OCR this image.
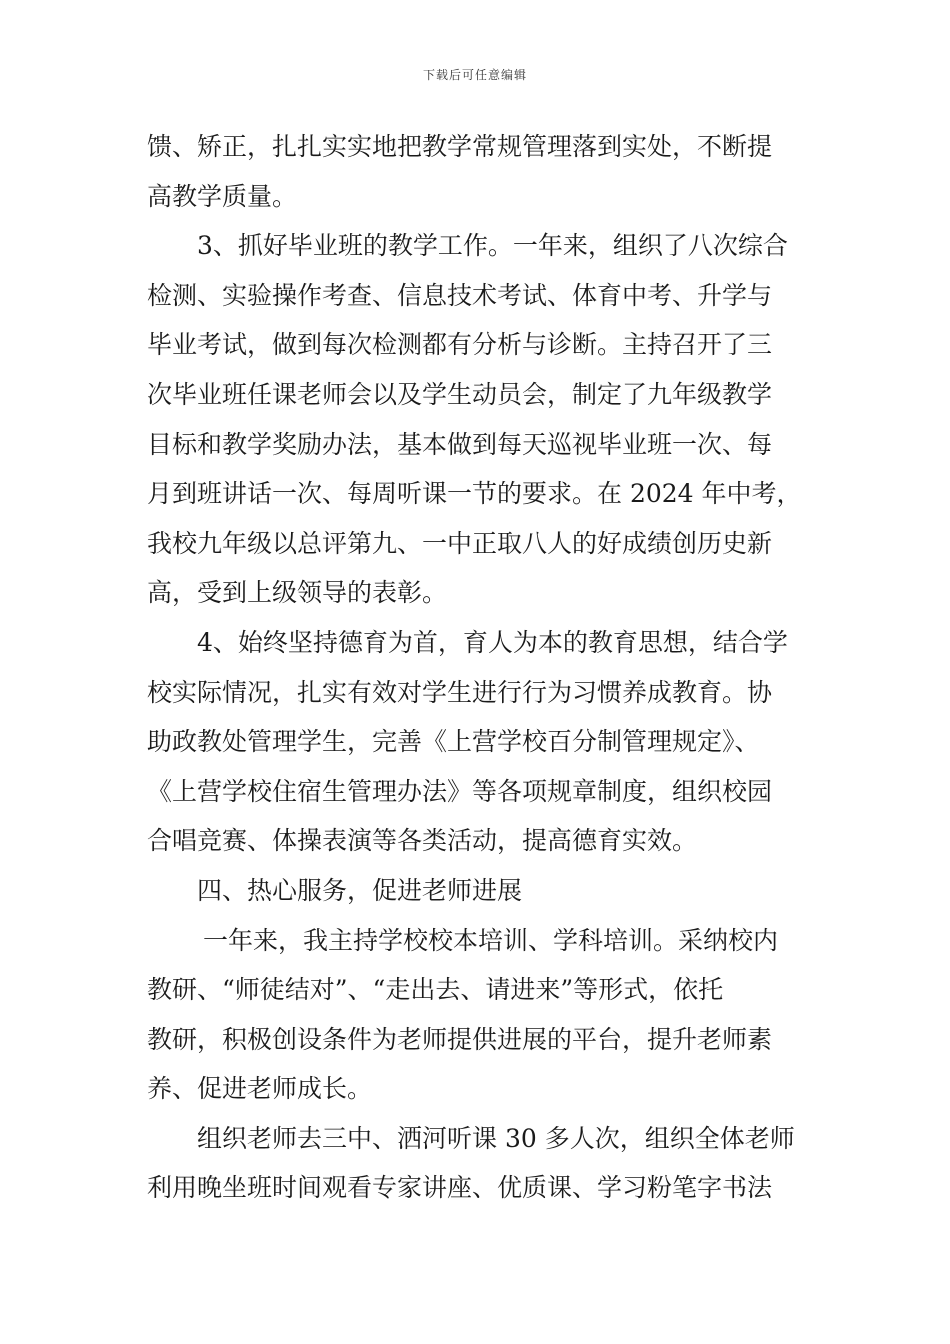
下载后可任意编辑
馈、矫正，扎扎实实地把教学常规管理落到实处，不断提
高教学质量。
3、抓好毕业班的教学工作。一年来，组织了八次综合
检测、实验操作考查、信息技术考试、体育中考、升学与
毕业考试，做到每次检测都有分析与诊断。主持召开了三
次毕业班任课老师会以及学生动员会，制定了九年级教学
目标和教学奖励办法，基本做到每天巡视毕业班一次、每
月到班讲话一次、每周听课一节的要求。在 2024 年中考，
我校九年级以总评第九、一中正取八人的好成绩创历史新
高，受到上级领导的表彰。
4、始终坚持德育为首，育人为本的教育思想，结合学
校实际情况，扎实有效对学生进行行为习惯养成教育。协
助政教处管理学生，完善《上营学校百分制管理规定》、
《上营学校住宿生管理办法》等各项规章制度，组织校园
合唱竞赛、体操表演等各类活动，提高德育实效。
四、热心服务，促进老师进展
一年来，我主持学校校本培训、学科培训。采纳校内
教研、“师徒结对”、“走出去、请进来”等形式，依托
教研，积极创设条件为老师提供进展的平台，提升老师素
养、促进老师成长。
组织老师去三中、洒河听课 30 多人次，组织全体老师
利用晚坐班时间观看专家讲座、优质课、学习粉笔字书法
